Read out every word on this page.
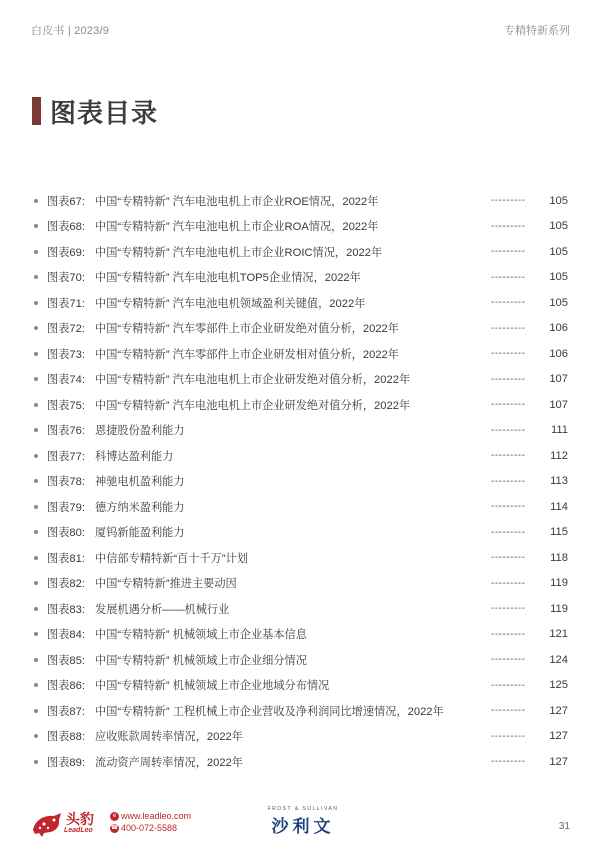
白皮书 | 2023/9	专精特新系列
图表目录
图表67: 中国“专精特新” 汽车电池电机上市企业ROE情况，2022年	---------	105
图表68: 中国“专精特新” 汽车电池电机上市企业ROA情况，2022年	---------	105
图表69: 中国“专精特新” 汽车电池电机上市企业ROIC情况，2022年	---------	105
图表70: 中国“专精特新” 汽车电池电机TOP5企业情况，2022年	---------	105
图表71: 中国“专精特新” 汽车电池电机领域盈利关键值，2022年	---------	105
图表72: 中国“专精特新” 汽车零部件上市企业研发绝对值分析，2022年	---------	106
图表73: 中国“专精特新” 汽车零部件上市企业研发相对值分析，2022年	---------	106
图表74: 中国“专精特新” 汽车电池电机上市企业研发绝对值分析，2022年	---------	107
图表75: 中国“专精特新” 汽车电池电机上市企业研发绝对值分析，2022年	---------	107
图表76: 恩捷股份盈利能力	---------	111
图表77: 科博达盈利能力	---------	112
图表78: 神驰电机盈利能力	---------	113
图表79: 德方纳米盈利能力	---------	114
图表80: 厦钨新能盈利能力	---------	115
图表81: 中信部专精特新“百十千万”计划	---------	118
图表82: 中国“专精特新”推进主要动因	---------	119
图表83: 发展机遇分析——机械行业	---------	119
图表84: 中国“专精特新” 机械领域上市企业基本信息	---------	121
图表85: 中国“专精特新” 机械领域上市企业细分情况	---------	124
图表86: 中国“专精特新” 机械领域上市企业地域分布情况	---------	125
图表87: 中国“专精特新” 工程机械上市企业营收及净利润同比增速情况，2022年	---------	127
图表88: 应收账款周转率情况，2022年	---------	127
图表89: 流动资产周转率情况，2022年	---------	127
头豹
LeadLeo
e www.leadleo.com
☎ 400-072-5588
FROST & SULLIVAN
沙利文	31
